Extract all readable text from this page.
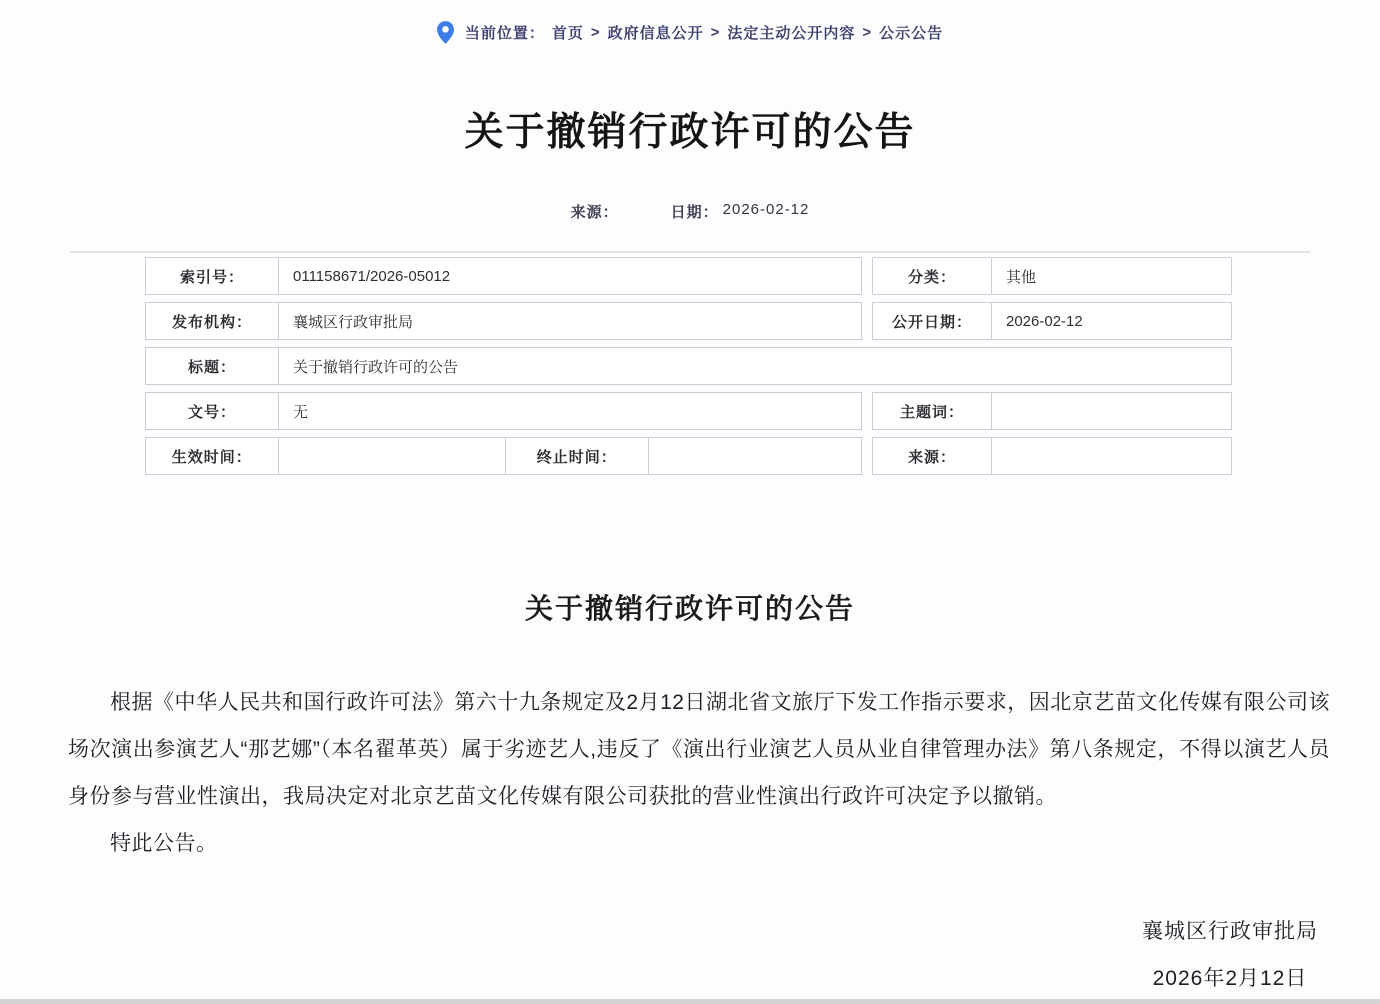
当前位置： 首页 > 政府信息公开 > 法定主动公开内容 > 公示公告
关于撤销行政许可的公告
来源：	日期： 2026-02-12
索引号：	011158671/2026-05012	分类：	其他
发布机构：	襄城区行政审批局	公开日期：	2026-02-12
标题：	关于撤销行政许可的公告
文号：	无	主题词：
生效时间：	终止时间：	来源：
关于撤销行政许可的公告

根据《中华人民共和国行政许可法》第六十九条规定及2月12日湖北省文旅厅下发工作指示要求，因北京艺苗文化传媒有限公司该场次演出参演艺人“那艺娜”（本名翟革英）属于劣迹艺人,违反了《演出行业演艺人员从业自律管理办法》第八条规定，不得以演艺人员身份参与营业性演出，我局决定对北京艺苗文化传媒有限公司获批的营业性演出行政许可决定予以撤销。

特此公告。

襄城区行政审批局
2026年2月12日
